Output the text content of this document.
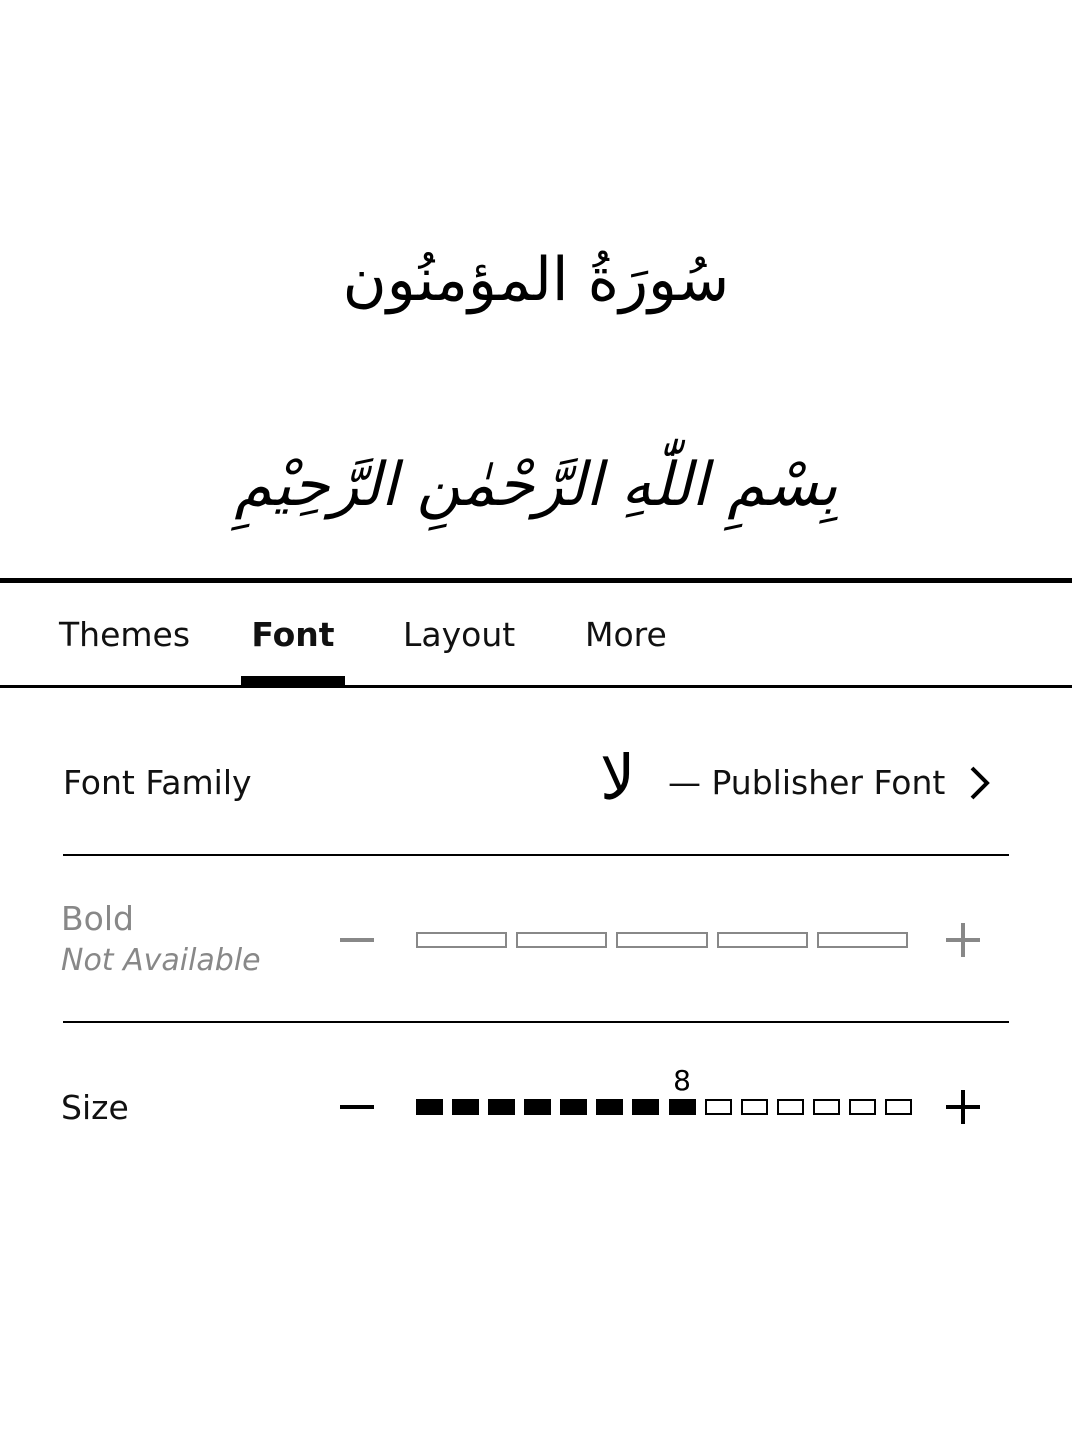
سُورَةُ المؤمنُون
بِسْمِ اللّٰهِ الرَّحْمٰنِ الرَّحِيْمِ
Themes	Font	Layout More
Font Family	لا — Publisher Font
Bold
Not Available
Size
8
